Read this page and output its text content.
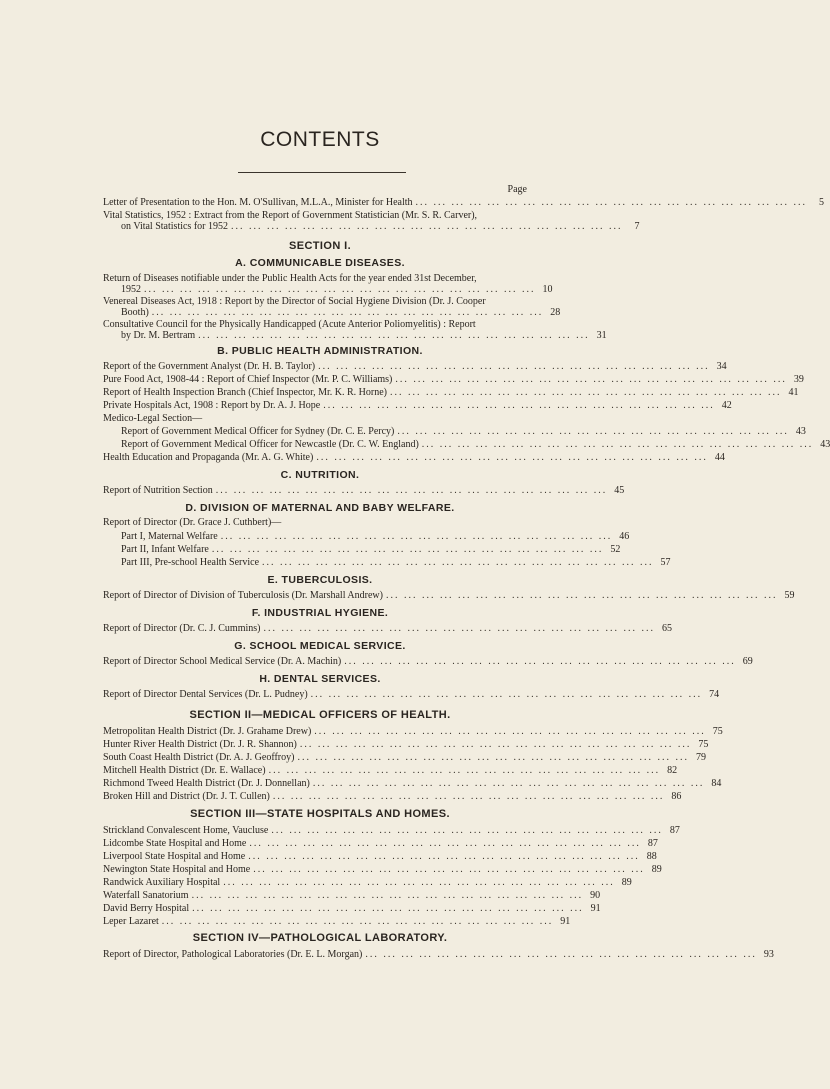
CONTENTS
Page
Letter of Presentation to the Hon. M. O'Sullivan, M.L.A., Minister for Health ... ... ... ... ... ... ... ... ... ... ... ... ... ... ... ... ... ... ... ... ... ...	5
Vital Statistics, 1952 : Extract from the Report of Government Statistician (Mr. S. R. Carver),
on Vital Statistics for 1952 ... ... ... ... ... ... ... ... ... ... ... ... ... ... ... ... ... ... ... ... ... ...	7
SECTION I.
A. COMMUNICABLE DISEASES.
Return of Diseases notifiable under the Public Health Acts for the year ended 31st December,
1952 ... ... ... ... ... ... ... ... ... ... ... ... ... ... ... ... ... ... ... ... ... ... 10
Venereal Diseases Act, 1918 : Report by the Director of Social Hygiene Division (Dr. J. Cooper
Booth) ... ... ... ... ... ... ... ... ... ... ... ... ... ... ... ... ... ... ... ... ... ... 28
Consultative Council for the Physically Handicapped (Acute Anterior Poliomyelitis) : Report
by Dr. M. Bertram ... ... ... ... ... ... ... ... ... ... ... ... ... ... ... ... ... ... ... ... ... ... 31
B. PUBLIC HEALTH ADMINISTRATION.
Report of the Government Analyst (Dr. H. B. Taylor) ... ... ... ... ... ... ... ... ... ... ... ... ... ... ... ... ... ... ... ... ... ... 34
Pure Food Act, 1908-44 : Report of Chief Inspector (Mr. P. C. Williams) ... ... ... ... ... ... ... ... ... ... ... ... ... ... ... ... ... ... ... ... ... ... 39
Report of Health Inspection Branch (Chief Inspector, Mr. K. R. Horne) ... ... ... ... ... ... ... ... ... ... ... ... ... ... ... ... ... ... ... ... ... ... 41
Private Hospitals Act, 1908 : Report by Dr. A. J. Hope ... ... ... ... ... ... ... ... ... ... ... ... ... ... ... ... ... ... ... ... ... ... 42
Medico-Legal Section—
Report of Government Medical Officer for Sydney (Dr. C. E. Percy) ... ... ... ... ... ... ... ... ... ... ... ... ... ... ... ... ... ... ... ... ... ... 43
Report of Government Medical Officer for Newcastle (Dr. C. W. England) ... ... ... ... ... ... ... ... ... ... ... ... ... ... ... ... ... ... ... ... ... ... 43
Health Education and Propaganda (Mr. A. G. White) ... ... ... ... ... ... ... ... ... ... ... ... ... ... ... ... ... ... ... ... ... ... 44
C. NUTRITION.
Report of Nutrition Section ... ... ... ... ... ... ... ... ... ... ... ... ... ... ... ... ... ... ... ... ... ... 45
D. DIVISION OF MATERNAL AND BABY WELFARE.
Report of Director (Dr. Grace J. Cuthbert)—
Part I, Maternal Welfare ... ... ... ... ... ... ... ... ... ... ... ... ... ... ... ... ... ... ... ... ... ... 46
Part II, Infant Welfare ... ... ... ... ... ... ... ... ... ... ... ... ... ... ... ... ... ... ... ... ... ... 52
Part III, Pre-school Health Service ... ... ... ... ... ... ... ... ... ... ... ... ... ... ... ... ... ... ... ... ... ... 57
E. TUBERCULOSIS.
Report of Director of Division of Tuberculosis (Dr. Marshall Andrew) ... ... ... ... ... ... ... ... ... ... ... ... ... ... ... ... ... ... ... ... ... ... 59
F. INDUSTRIAL HYGIENE.
Report of Director (Dr. C. J. Cummins) ... ... ... ... ... ... ... ... ... ... ... ... ... ... ... ... ... ... ... ... ... ... 65
G. SCHOOL MEDICAL SERVICE.
Report of Director School Medical Service (Dr. A. Machin) ... ... ... ... ... ... ... ... ... ... ... ... ... ... ... ... ... ... ... ... ... ... 69
H. DENTAL SERVICES.
Report of Director Dental Services (Dr. L. Pudney) ... ... ... ... ... ... ... ... ... ... ... ... ... ... ... ... ... ... ... ... ... ... 74
SECTION II—MEDICAL OFFICERS OF HEALTH.
Metropolitan Health District (Dr. J. Grahame Drew) ... ... ... ... ... ... ... ... ... ... ... ... ... ... ... ... ... ... ... ... ... ... 75
Hunter River Health District (Dr. J. R. Shannon) ... ... ... ... ... ... ... ... ... ... ... ... ... ... ... ... ... ... ... ... ... ... 75
South Coast Health District (Dr. A. J. Geoffroy) ... ... ... ... ... ... ... ... ... ... ... ... ... ... ... ... ... ... ... ... ... ... 79
Mitchell Health District (Dr. E. Wallace) ... ... ... ... ... ... ... ... ... ... ... ... ... ... ... ... ... ... ... ... ... ... 82
Richmond Tweed Health District (Dr. J. Donnellan) ... ... ... ... ... ... ... ... ... ... ... ... ... ... ... ... ... ... ... ... ... ... 84
Broken Hill and District (Dr. J. T. Cullen) ... ... ... ... ... ... ... ... ... ... ... ... ... ... ... ... ... ... ... ... ... ... 86
SECTION III—STATE HOSPITALS AND HOMES.
Strickland Convalescent Home, Vaucluse ... ... ... ... ... ... ... ... ... ... ... ... ... ... ... ... ... ... ... ... ... ... 87
Lidcombe State Hospital and Home ... ... ... ... ... ... ... ... ... ... ... ... ... ... ... ... ... ... ... ... ... ... 87
Liverpool State Hospital and Home ... ... ... ... ... ... ... ... ... ... ... ... ... ... ... ... ... ... ... ... ... ... 88
Newington State Hospital and Home ... ... ... ... ... ... ... ... ... ... ... ... ... ... ... ... ... ... ... ... ... ... 89
Randwick Auxiliary Hospital ... ... ... ... ... ... ... ... ... ... ... ... ... ... ... ... ... ... ... ... ... ... 89
Waterfall Sanatorium ... ... ... ... ... ... ... ... ... ... ... ... ... ... ... ... ... ... ... ... ... ... 90
David Berry Hospital ... ... ... ... ... ... ... ... ... ... ... ... ... ... ... ... ... ... ... ... ... ... 91
Leper Lazaret ... ... ... ... ... ... ... ... ... ... ... ... ... ... ... ... ... ... ... ... ... ... 91
SECTION IV—PATHOLOGICAL LABORATORY.
Report of Director, Pathological Laboratories (Dr. E. L. Morgan) ... ... ... ... ... ... ... ... ... ... ... ... ... ... ... ... ... ... ... ... ... ... 93
